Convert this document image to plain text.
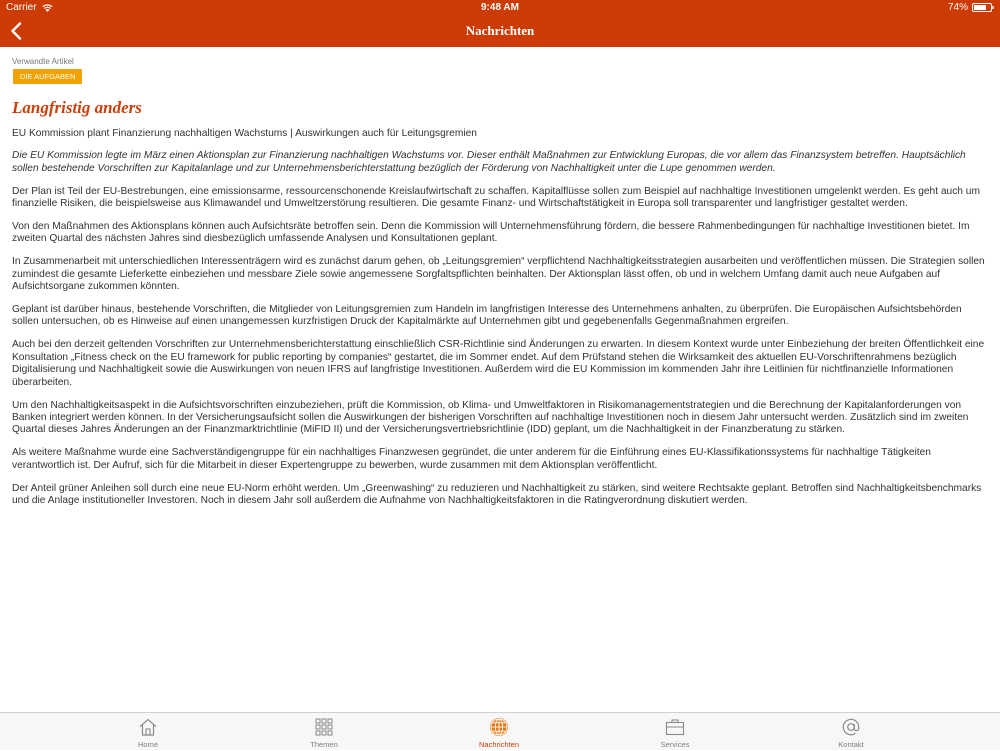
Carrier	9:48 AM	74%
Nachrichten
Verwandte Artikel
DIE AUFGABEN
Langfristig anders

EU Kommission plant Finanzierung nachhaltigen Wachstums | Auswirkungen auch für Leitungsgremien

Die EU Kommission legte im März einen Aktionsplan zur Finanzierung nachhaltigen Wachstums vor. Dieser enthält Maßnahmen zur Entwicklung Europas, die vor allem das Finanzsystem betreffen. Hauptsächlich sollen bestehende Vorschriften zur Kapitalanlage und zur Unternehmensberichterstattung bezüglich der Förderung von Nachhaltigkeit unter die Lupe genommen werden.

Der Plan ist Teil der EU-Bestrebungen, eine emissionsarme, ressourcenschonende Kreislaufwirtschaft zu schaffen. Kapitalflüsse sollen zum Beispiel auf nachhaltige Investitionen umgelenkt werden. Es geht auch um finanzielle Risiken, die beispielsweise aus Klimawandel und Umweltzerstörung resultieren. Die gesamte Finanz- und Wirtschaftstätigkeit in Europa soll transparenter und langfristiger gestaltet werden.

Von den Maßnahmen des Aktionsplans können auch Aufsichtsräte betroffen sein. Denn die Kommission will Unternehmensführung fördern, die bessere Rahmenbedingungen für nachhaltige Investitionen bietet. Im zweiten Quartal des nächsten Jahres sind diesbezüglich umfassende Analysen und Konsultationen geplant.

In Zusammenarbeit mit unterschiedlichen Interessenträgern wird es zunächst darum gehen, ob „Leitungsgremien“ verpflichtend Nachhaltigkeitsstrategien ausarbeiten und veröffentlichen müssen. Die Strategien sollen zumindest die gesamte Lieferkette einbeziehen und messbare Ziele sowie angemessene Sorgfaltspflichten beinhalten. Der Aktionsplan lässt offen, ob und in welchem Umfang damit auch neue Aufgaben auf Aufsichtsorgane zukommen könnten.

Geplant ist darüber hinaus, bestehende Vorschriften, die Mitglieder von Leitungsgremien zum Handeln im langfristigen Interesse des Unternehmens anhalten, zu überprüfen. Die Europäischen Aufsichtsbehörden sollen untersuchen, ob es Hinweise auf einen unangemessen kurzfristigen Druck der Kapitalmärkte auf Unternehmen gibt und gegebenenfalls Gegenmaßnahmen ergreifen.

Auch bei den derzeit geltenden Vorschriften zur Unternehmensberichterstattung einschließlich CSR-Richtlinie sind Änderungen zu erwarten. In diesem Kontext wurde unter Einbeziehung der breiten Öffentlichkeit eine Konsultation „Fitness check on the EU framework for public reporting by companies“ gestartet, die im Sommer endet. Auf dem Prüfstand stehen die Wirksamkeit des aktuellen EU-Vorschriftenrahmens bezüglich Digitalisierung und Nachhaltigkeit sowie die Auswirkungen von neuen IFRS auf langfristige Investitionen. Außerdem wird die EU Kommission im kommenden Jahr ihre Leitlinien für nichtfinanzielle Informationen überarbeiten.

Um den Nachhaltigkeitsaspekt in die Aufsichtsvorschriften einzubeziehen, prüft die Kommission, ob Klima- und Umweltfaktoren in Risikomanagementstrategien und die Berechnung der Kapitalanforderungen von Banken integriert werden können. In der Versicherungsaufsicht sollen die Auswirkungen der bisherigen Vorschriften auf nachhaltige Investitionen noch in diesem Jahr untersucht werden. Zusätzlich sind im zweiten Quartal dieses Jahres Änderungen an der Finanzmarktrichtlinie (MiFID II) und der Versicherungsvertriebsrichtlinie (IDD) geplant, um die Nachhaltigkeit in der Finanzberatung zu stärken.

Als weitere Maßnahme wurde eine Sachverständigengruppe für ein nachhaltiges Finanzwesen gegründet, die unter anderem für die Einführung eines EU-Klassifikationssystems für nachhaltige Tätigkeiten verantwortlich ist. Der Aufruf, sich für die Mitarbeit in dieser Expertengruppe zu bewerben, wurde zusammen mit dem Aktionsplan veröffentlicht.

Der Anteil grüner Anleihen soll durch eine neue EU-Norm erhöht werden. Um „Greenwashing“ zu reduzieren und Nachhaltigkeit zu stärken, sind weitere Rechtsakte geplant. Betroffen sind Nachhaltigkeitsbenchmarks und die Anlage institutioneller Investoren. Noch in diesem Jahr soll außerdem die Aufnahme von Nachhaltigkeitsfaktoren in die Ratingverordnung diskutiert werden.

Home	Themen	Nachrichten	Services	Kontakt
